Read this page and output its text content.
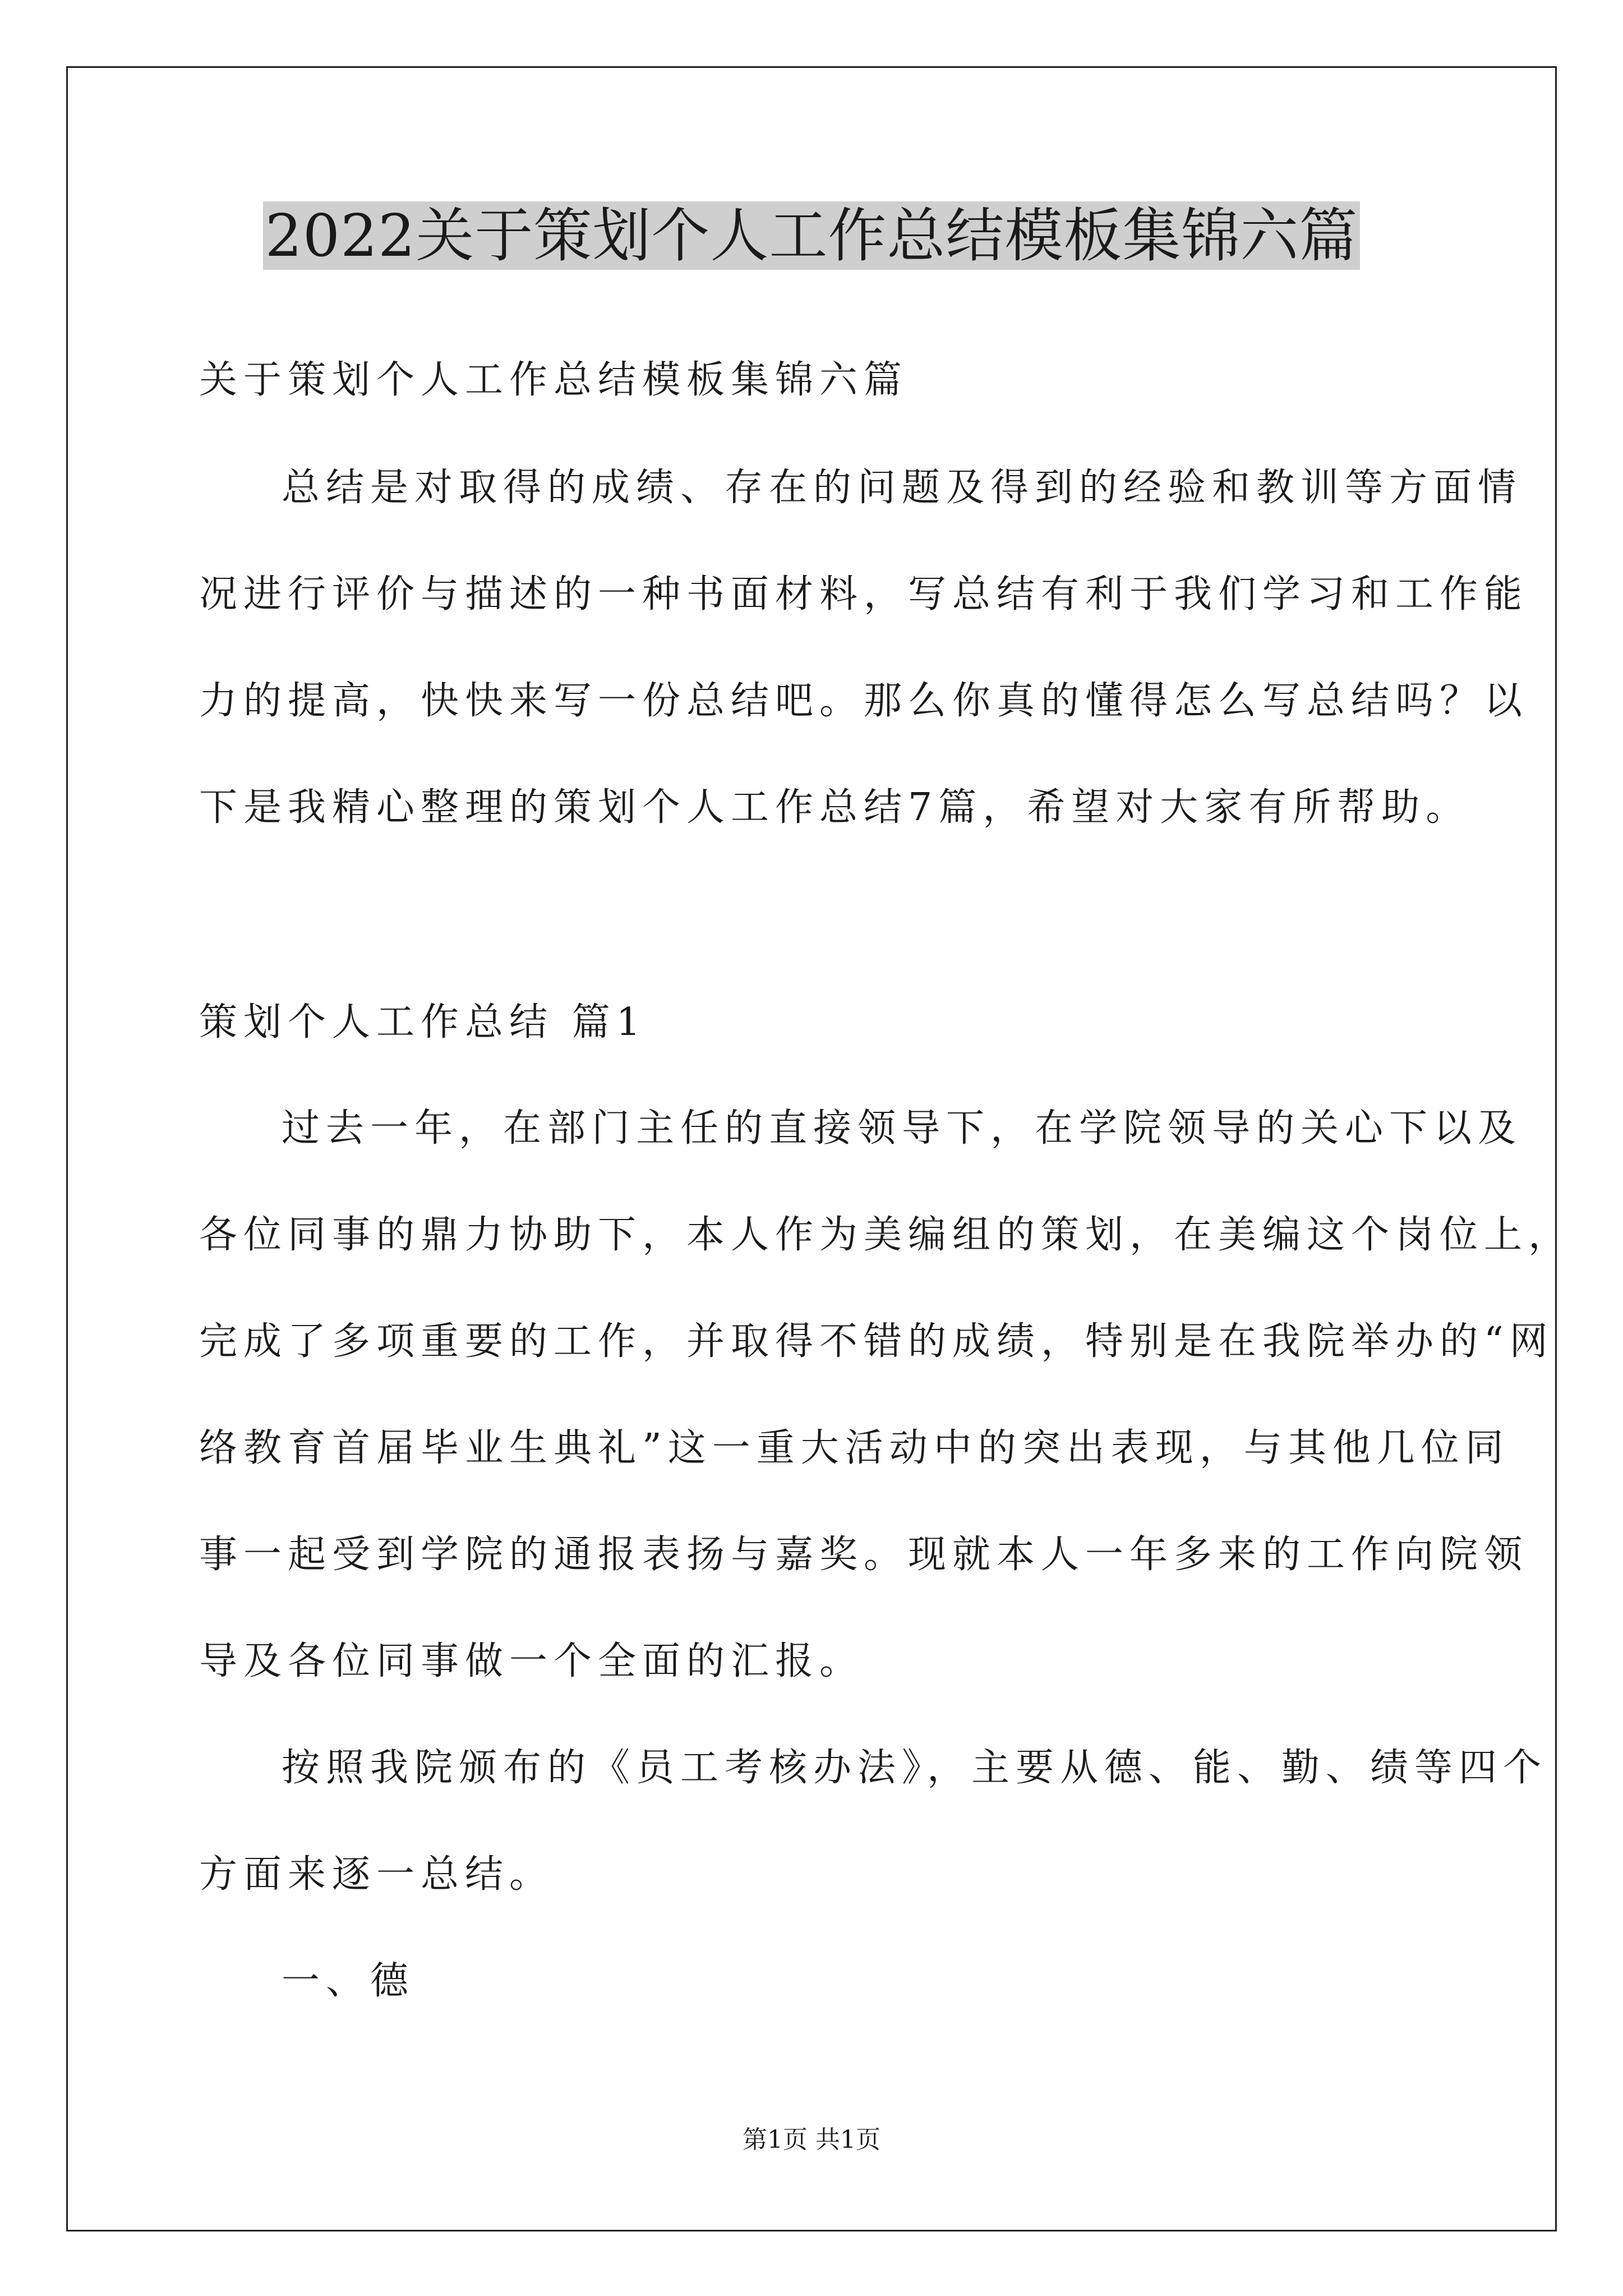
2022关于策划个人工作总结模板集锦六篇
关于策划个人工作总结模板集锦六篇
总结是对取得的成绩、存在的问题及得到的经验和教训等方面情
况进行评价与描述的一种书面材料，写总结有利于我们学习和工作能
力的提高，快快来写一份总结吧。那么你真的懂得怎么写总结吗？以
下是我精心整理的策划个人工作总结7篇，希望对大家有所帮助。
策划个人工作总结 篇1
过去一年，在部门主任的直接领导下，在学院领导的关心下以及
各位同事的鼎力协助下，本人作为美编组的策划，在美编这个岗位上，
完成了多项重要的工作，并取得不错的成绩，特别是在我院举办的“网
络教育首届毕业生典礼”这一重大活动中的突出表现，与其他几位同
事一起受到学院的通报表扬与嘉奖。现就本人一年多来的工作向院领
导及各位同事做一个全面的汇报。
按照我院颁布的《员工考核办法》，主要从德、能、勤、绩等四个
方面来逐一总结。
一、德
第1页 共1页
